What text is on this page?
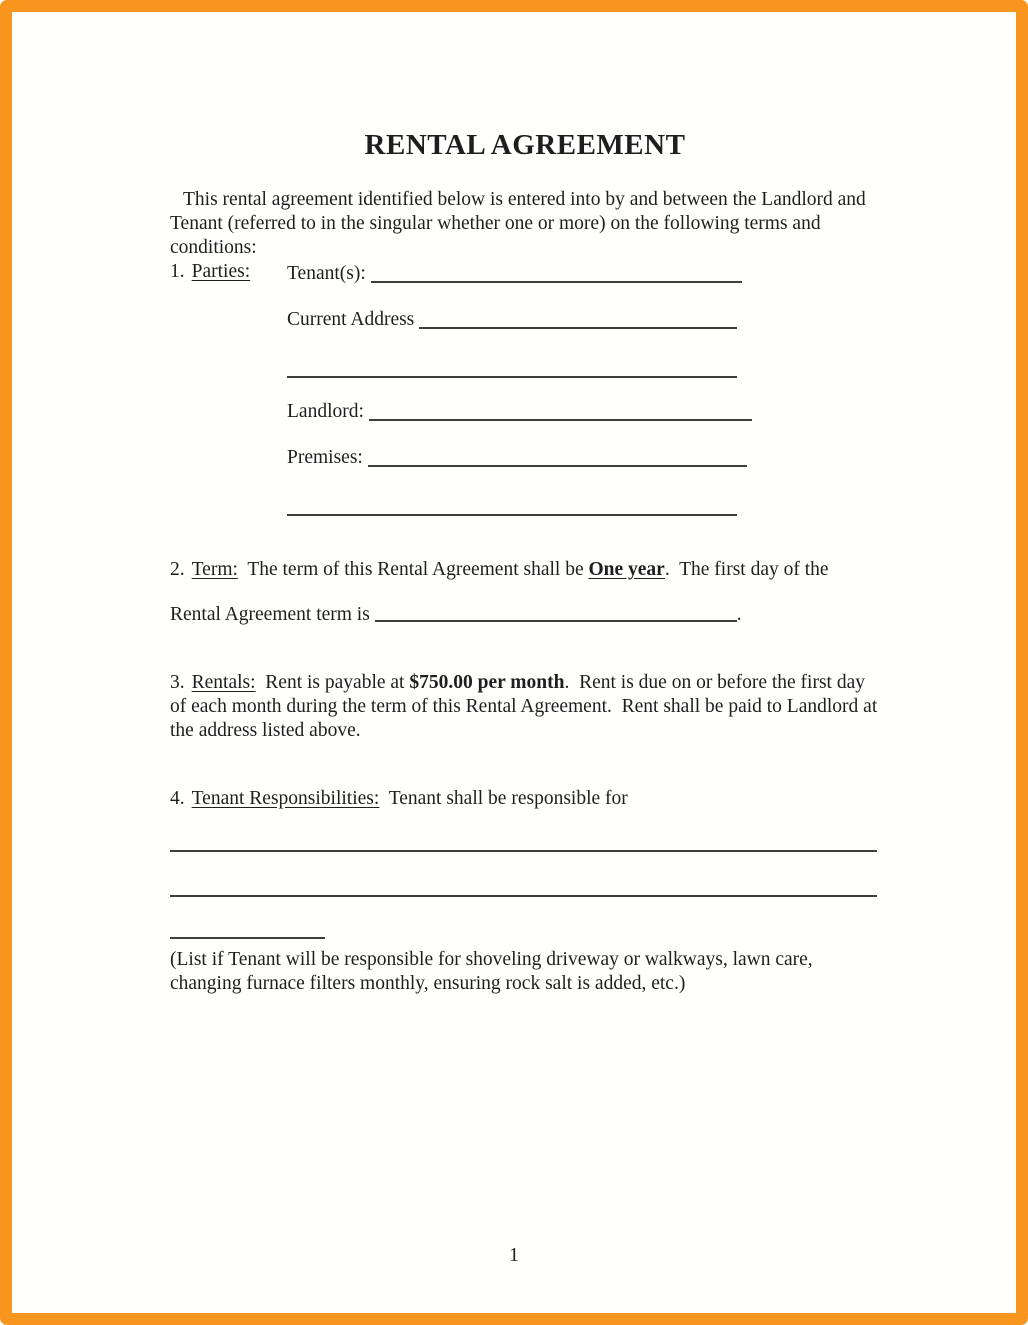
RENTAL AGREEMENT
This rental agreement identified below is entered into by and between the Landlord and Tenant (referred to in the singular whether one or more) on the following terms and conditions:
1. Parties:	Tenant(s):
Current Address
Landlord:
Premises:
2. Term:  The term of this Rental Agreement shall be One year.  The first day of the
Rental Agreement term is	.
3. Rentals:  Rent is payable at $750.00 per month.  Rent is due on or before the first day of each month during the term of this Rental Agreement.  Rent shall be paid to Landlord at the address listed above.
4. Tenant Responsibilities:  Tenant shall be responsible for
(List if Tenant will be responsible for shoveling driveway or walkways, lawn care, changing furnace filters monthly, ensuring rock salt is added, etc.)
1
